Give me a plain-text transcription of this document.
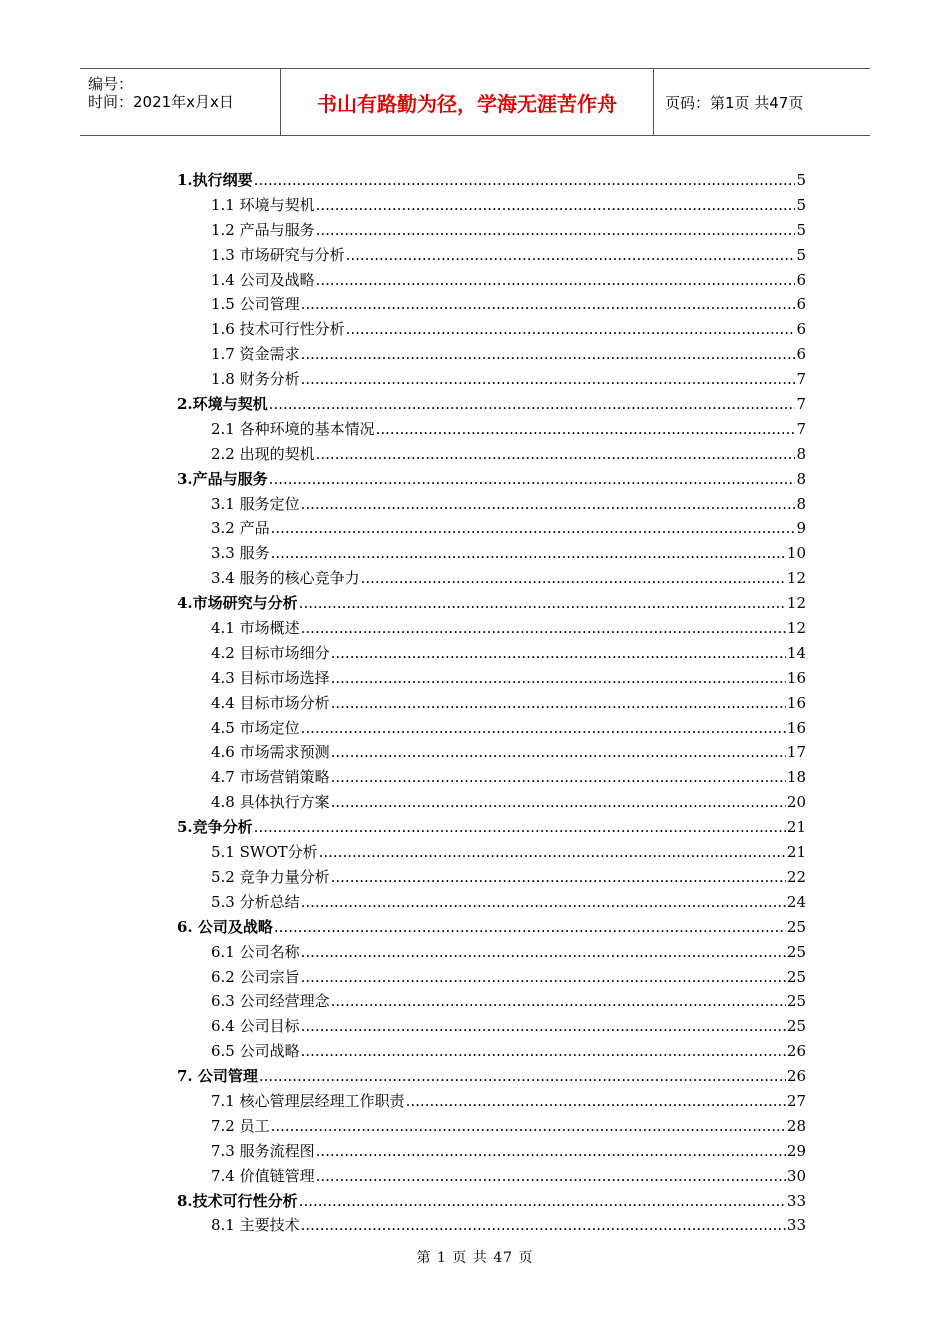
编号：
时间：2021年x月x日	书山有路勤为径，学海无涯苦作舟	页码：第1页 共47页
1.执行纲要 .....	5
1.1 环境与契机 .....	5
1.2 产品与服务 .....	5
1.3 市场研究与分析 .....	5
1.4 公司及战略 .....	6
1.5 公司管理 .....	6
1.6 技术可行性分析 .....	6
1.7 资金需求 .....	6
1.8 财务分析 .....	7
2.环境与契机 .....	7
2.1 各种环境的基本情况 .....	7
2.2 出现的契机 .....	8
3.产品与服务 .....	8
3.1 服务定位 .....	8
3.2 产品 .....	9
3.3 服务 .....	10
3.4 服务的核心竞争力 .....	12
4.市场研究与分析 .....	12
4.1 市场概述 .....	12
4.2 目标市场细分 .....	14
4.3 目标市场选择 .....	16
4.4 目标市场分析 .....	16
4.5 市场定位 .....	16
4.6 市场需求预测 .....	17
4.7 市场营销策略 .....	18
4.8 具体执行方案 .....	20
5.竞争分析 .....	21
5.1 SWOT分析 .....	21
5.2 竞争力量分析 .....	22
5.3 分析总结 .....	24
6. 公司及战略 .....	25
6.1 公司名称 .....	25
6.2 公司宗旨 .....	25
6.3 公司经营理念 .....	25
6.4 公司目标 .....	25
6.5 公司战略 .....	26
7. 公司管理 .....	26
7.1 核心管理层经理工作职责 .....	27
7.2 员工 .....	28
7.3 服务流程图 .....	29
7.4 价值链管理 .....	30
8.技术可行性分析 .....	33
8.1 主要技术 .....	33
第 1 页 共 47 页
